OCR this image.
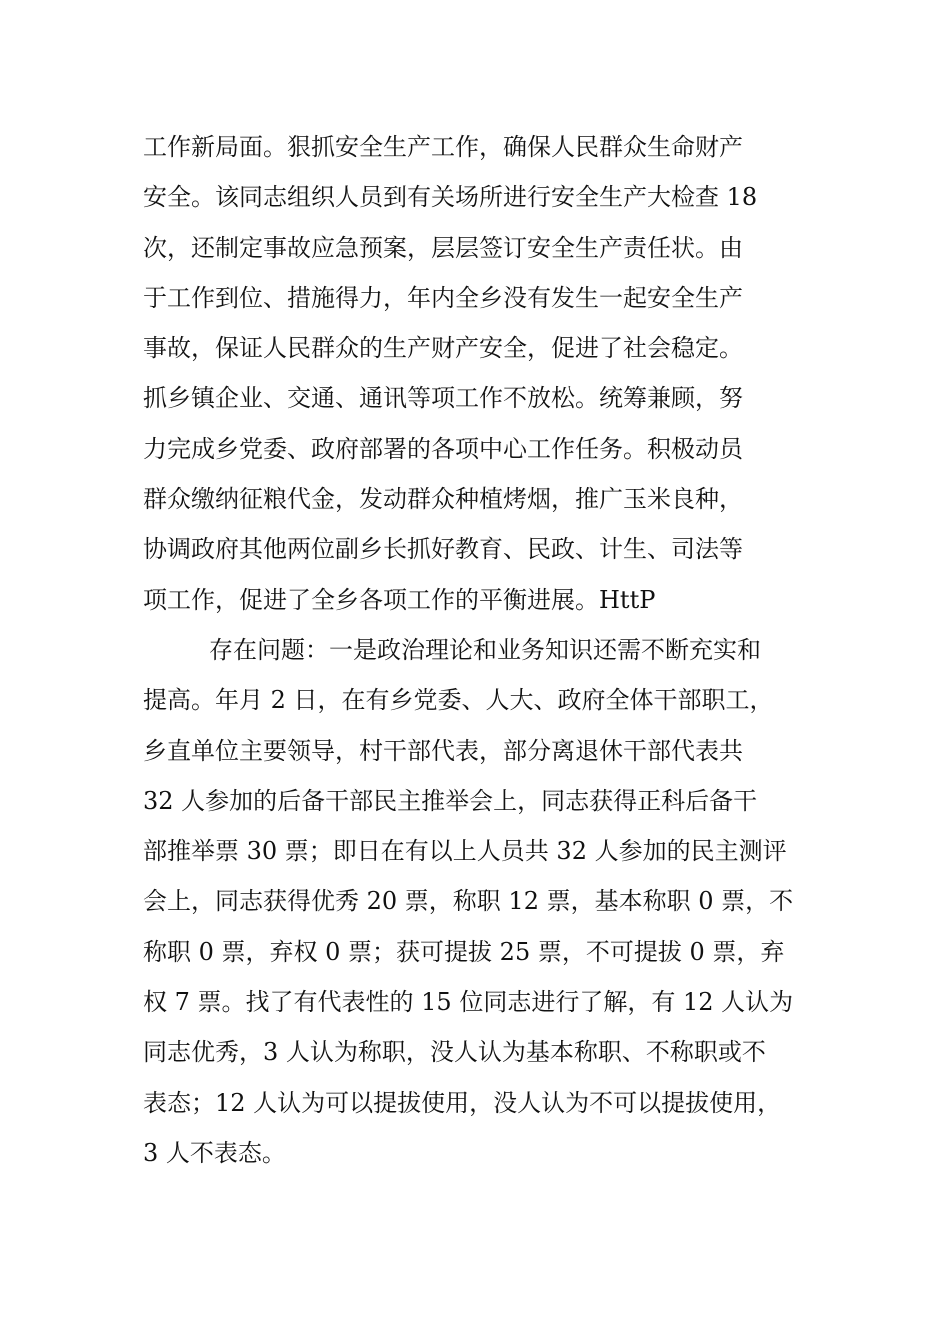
工作新局面。狠抓安全生产工作，确保人民群众生命财产
安全。该同志组织人员到有关场所进行安全生产大检查 18
次，还制定事故应急预案，层层签订安全生产责任状。由
于工作到位、措施得力，年内全乡没有发生一起安全生产
事故，保证人民群众的生产财产安全，促进了社会稳定。
抓乡镇企业、交通、通讯等项工作不放松。统筹兼顾，努
力完成乡党委、政府部署的各项中心工作任务。积极动员
群众缴纳征粮代金，发动群众种植烤烟，推广玉米良种，
协调政府其他两位副乡长抓好教育、民政、计生、司法等
项工作，促进了全乡各项工作的平衡进展。HttP
存在问题：一是政治理论和业务知识还需不断充实和
提高。年月 2 日，在有乡党委、人大、政府全体干部职工，
乡直单位主要领导，村干部代表，部分离退休干部代表共
32 人参加的后备干部民主推举会上，同志获得正科后备干
部推举票 30 票；即日在有以上人员共 32 人参加的民主测评
会上，同志获得优秀 20 票，称职 12 票，基本称职 0 票，不
称职 0 票，弃权 0 票；获可提拔 25 票，不可提拔 0 票，弃
权 7 票。找了有代表性的 15 位同志进行了解，有 12 人认为
同志优秀，3 人认为称职，没人认为基本称职、不称职或不
表态；12 人认为可以提拔使用，没人认为不可以提拔使用，
3 人不表态。
